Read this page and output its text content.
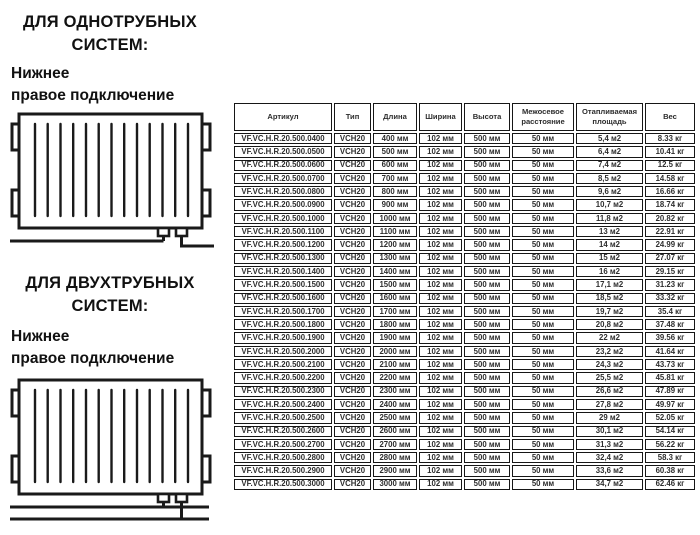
ДЛЯ ОДНОТРУБНЫХ
СИСТЕМ:
Нижнее
правое подключение
ДЛЯ ДВУХТРУБНЫХ
СИСТЕМ:
Нижнее
правое подключение
Артикул	Тип	Длина	Ширина	Высота	Межосевое расстояние	Отапливаемая площадь	Вес
VF.VC.H.R.20.500.0400	VCH20	400 мм	102 мм	500 мм	50 мм	5,4 м2	8.33 кг
VF.VC.H.R.20.500.0500	VCH20	500 мм	102 мм	500 мм	50 мм	6,4 м2	10.41 кг
VF.VC.H.R.20.500.0600	VCH20	600 мм	102 мм	500 мм	50 мм	7,4 м2	12.5 кг
VF.VC.H.R.20.500.0700	VCH20	700 мм	102 мм	500 мм	50 мм	8,5 м2	14.58 кг
VF.VC.H.R.20.500.0800	VCH20	800 мм	102 мм	500 мм	50 мм	9,6 м2	16.66 кг
VF.VC.H.R.20.500.0900	VCH20	900 мм	102 мм	500 мм	50 мм	10,7 м2	18.74 кг
VF.VC.H.R.20.500.1000	VCH20	1000 мм	102 мм	500 мм	50 мм	11,8 м2	20.82 кг
VF.VC.H.R.20.500.1100	VCH20	1100 мм	102 мм	500 мм	50 мм	13 м2	22.91 кг
VF.VC.H.R.20.500.1200	VCH20	1200 мм	102 мм	500 мм	50 мм	14 м2	24.99 кг
VF.VC.H.R.20.500.1300	VCH20	1300 мм	102 мм	500 мм	50 мм	15 м2	27.07 кг
VF.VC.H.R.20.500.1400	VCH20	1400 мм	102 мм	500 мм	50 мм	16 м2	29.15 кг
VF.VC.H.R.20.500.1500	VCH20	1500 мм	102 мм	500 мм	50 мм	17,1 м2	31.23 кг
VF.VC.H.R.20.500.1600	VCH20	1600 мм	102 мм	500 мм	50 мм	18,5 м2	33.32 кг
VF.VC.H.R.20.500.1700	VCH20	1700 мм	102 мм	500 мм	50 мм	19,7 м2	35.4 кг
VF.VC.H.R.20.500.1800	VCH20	1800 мм	102 мм	500 мм	50 мм	20,8 м2	37.48 кг
VF.VC.H.R.20.500.1900	VCH20	1900 мм	102 мм	500 мм	50 мм	22 м2	39.56 кг
VF.VC.H.R.20.500.2000	VCH20	2000 мм	102 мм	500 мм	50 мм	23,2 м2	41.64 кг
VF.VC.H.R.20.500.2100	VCH20	2100 мм	102 мм	500 мм	50 мм	24,3 м2	43.73 кг
VF.VC.H.R.20.500.2200	VCH20	2200 мм	102 мм	500 мм	50 мм	25,5 м2	45.81 кг
VF.VC.H.R.20.500.2300	VCH20	2300 мм	102 мм	500 мм	50 мм	26,6 м2	47.89 кг
VF.VC.H.R.20.500.2400	VCH20	2400 мм	102 мм	500 мм	50 мм	27,8 м2	49.97 кг
VF.VC.H.R.20.500.2500	VCH20	2500 мм	102 мм	500 мм	50 мм	29 м2	52.05 кг
VF.VC.H.R.20.500.2600	VCH20	2600 мм	102 мм	500 мм	50 мм	30,1 м2	54.14 кг
VF.VC.H.R.20.500.2700	VCH20	2700 мм	102 мм	500 мм	50 мм	31,3 м2	56.22 кг
VF.VC.H.R.20.500.2800	VCH20	2800 мм	102 мм	500 мм	50 мм	32,4 м2	58.3 кг
VF.VC.H.R.20.500.2900	VCH20	2900 мм	102 мм	500 мм	50 мм	33,6 м2	60.38 кг
VF.VC.H.R.20.500.3000	VCH20	3000 мм	102 мм	500 мм	50 мм	34,7 м2	62.46 кг
